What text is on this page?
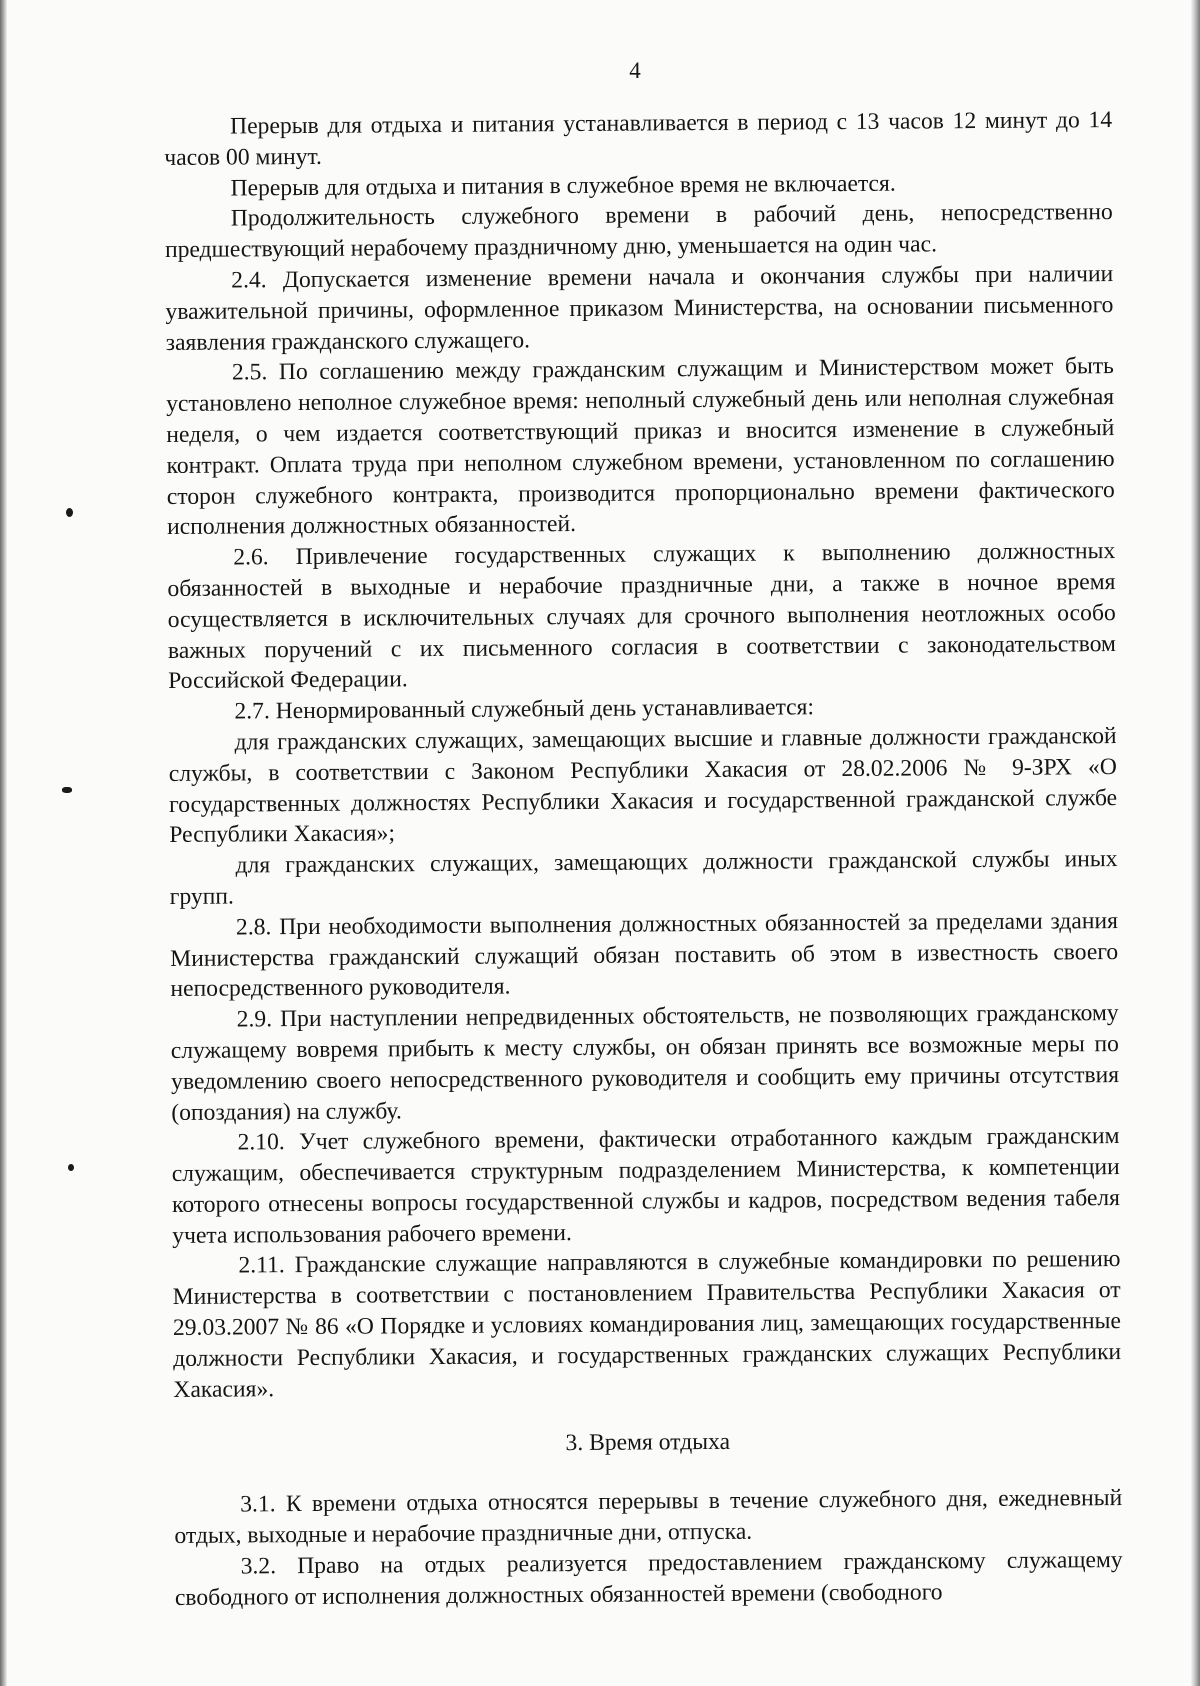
4

Перерыв для отдыха и питания устанавливается в период с 13 часов 12 минут до 14 часов 00 минут.

Перерыв для отдыха и питания в служебное время не включается.

Продолжительность служебного времени в рабочий день, непосредственно предшествующий нерабочему праздничному дню, уменьшается на один час.

2.4. Допускается изменение времени начала и окончания службы при наличии уважительной причины, оформленное приказом Министерства, на основании письменного заявления гражданского служащего.

2.5. По соглашению между гражданским служащим и Министерством может быть установлено неполное служебное время: неполный служебный день или неполная служебная неделя, о чем издается соответствующий приказ и вносится изменение в служебный контракт. Оплата труда при неполном служебном времени, установленном по соглашению сторон служебного контракта, производится пропорционально времени фактического исполнения должностных обязанностей.

2.6. Привлечение государственных служащих к выполнению должностных обязанностей в выходные и нерабочие праздничные дни, а также в ночное время осуществляется в исключительных случаях для срочного выполнения неотложных особо важных поручений с их письменного согласия в соответствии с законодательством Российской Федерации.

2.7. Ненормированный служебный день устанавливается:

для гражданских служащих, замещающих высшие и главные должности гражданской службы, в соответствии с Законом Республики Хакасия от 28.02.2006 № 9-ЗРХ «О государственных должностях Республики Хакасия и государственной гражданской службе Республики Хакасия»;

для гражданских служащих, замещающих должности гражданской службы иных групп.

2.8. При необходимости выполнения должностных обязанностей за пределами здания Министерства гражданский служащий обязан поставить об этом в известность своего непосредственного руководителя.

2.9. При наступлении непредвиденных обстоятельств, не позволяющих гражданскому служащему вовремя прибыть к месту службы, он обязан принять все возможные меры по уведомлению своего непосредственного руководителя и сообщить ему причины отсутствия (опоздания) на службу.

2.10. Учет служебного времени, фактически отработанного каждым гражданским служащим, обеспечивается структурным подразделением Министерства, к компетенции которого отнесены вопросы государственной службы и кадров, посредством ведения табеля учета использования рабочего времени.

2.11. Гражданские служащие направляются в служебные командировки по решению Министерства в соответствии с постановлением Правительства Республики Хакасия от 29.03.2007 № 86 «О Порядке и условиях командирования лиц, замещающих государственные должности Республики Хакасия, и государственных гражданских служащих Республики Хакасия».

3. Время отдыха

3.1. К времени отдыха относятся перерывы в течение служебного дня, ежедневный отдых, выходные и нерабочие праздничные дни, отпуска.

3.2. Право на отдых реализуется предоставлением гражданскому служащему свободного от исполнения должностных обязанностей времени (свободного
